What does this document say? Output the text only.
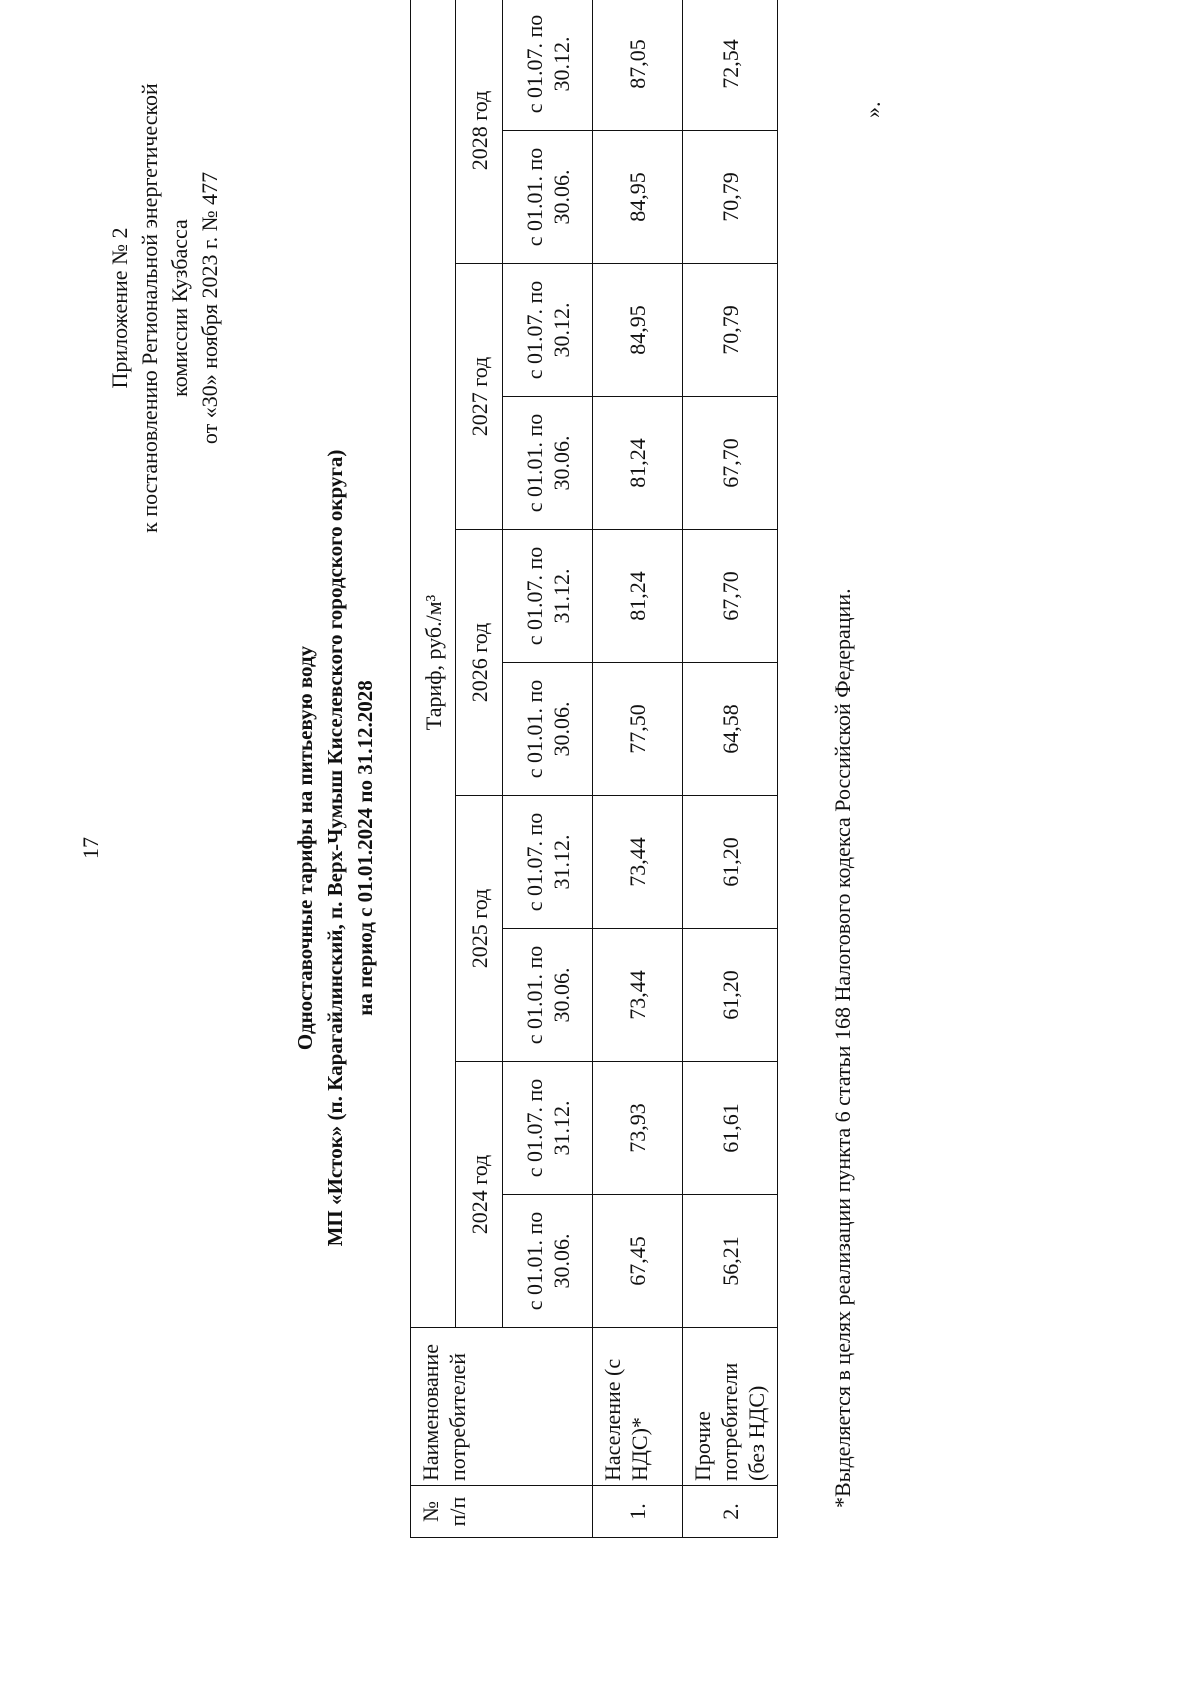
17
Приложение № 2 к постановлению Региональной энергетической комиссии Кузбасса от «30» ноября 2023 г. № 477
Одноставочные тарифы на питьевую воду МП «Исток» (п. Карагайлинский, п. Верх-Чумыш Киселевского городского округа) на период с 01.01.2024 по 31.12.2028
№ п/п	Наименование потребителей	Тариф, руб./м³									
		2024 год		2025 год		2026 год		2027 год		2028 год	
		с 01.01. по 30.06.	с 01.07. по 31.12.	с 01.01. по 30.06.	с 01.07. по 31.12.	с 01.01. по 30.06.	с 01.07. по 31.12.	с 01.01. по 30.06.	с 01.07. по 30.12.	с 01.01. по 30.06.	с 01.07. по 30.12.
1.	Население (с НДС)*	67,45	73,93	73,44	73,44	77,50	81,24	81,24	84,95	84,95	87,05
2.	Прочие потребители (без НДС)	56,21	61,61	61,20	61,20	64,58	67,70	67,70	70,79	70,79	72,54
*Выделяется в целях реализации пункта 6 статьи 168 Налогового кодекса Российской Федерации.
».
